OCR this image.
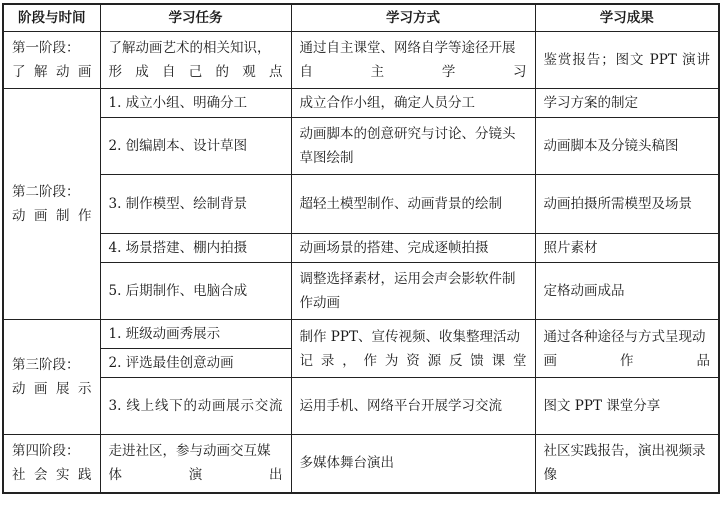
阶段与时间	学习任务	学习方式	学习成果
第一阶段：了解动画	了解动画艺术的相关知识，形成自己的观点	通过自主课堂、网络自学等途径开展自主学习	鉴赏报告；图文 PPT 演讲
第二阶段：动画制作	1. 成立小组、明确分工	成立合作小组，确定人员分工	学习方案的制定
	2. 创编剧本、设计草图	动画脚本的创意研究与讨论、分镜头草图绘制	动画脚本及分镜头稿图
	3. 制作模型、绘制背景	超轻土模型制作、动画背景的绘制	动画拍摄所需模型及场景
	4. 场景搭建、棚内拍摄	动画场景的搭建、完成逐帧拍摄	照片素材
	5. 后期制作、电脑合成	调整选择素材，运用会声会影软件制作动画	定格动画成品
第三阶段：动画展示	1. 班级动画秀展示	制作 PPT、宣传视频、收集整理活动记录，作为资源反馈课堂	通过各种途径与方式呈现动画作品
	2. 评选最佳创意动画		
	3. 线上线下的动画展示交流	运用手机、网络平台开展学习交流	图文 PPT 课堂分享
第四阶段：社会实践	走进社区，参与动画交互媒体演出	多媒体舞台演出	社区实践报告，演出视频录像
